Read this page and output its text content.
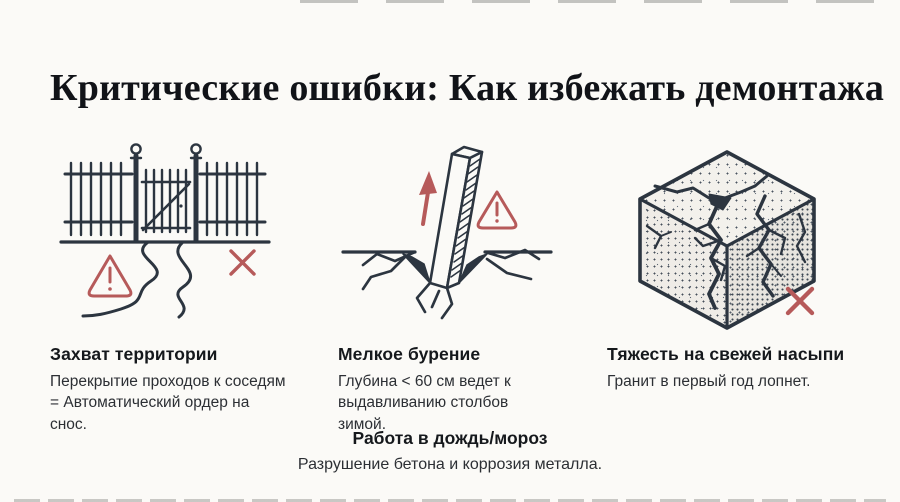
Критические ошибки: Как избежать демонтажа
Захват территории

Перекрытие проходов к соседям = Автоматический ордер на снос.

Мелкое бурение

Глубина < 60 см ведет к выдавливанию столбов зимой.

Тяжесть на свежей насыпи

Гранит в первый год лопнет.

Работа в дождь/мороз

Разрушение бетона и коррозия металла.
